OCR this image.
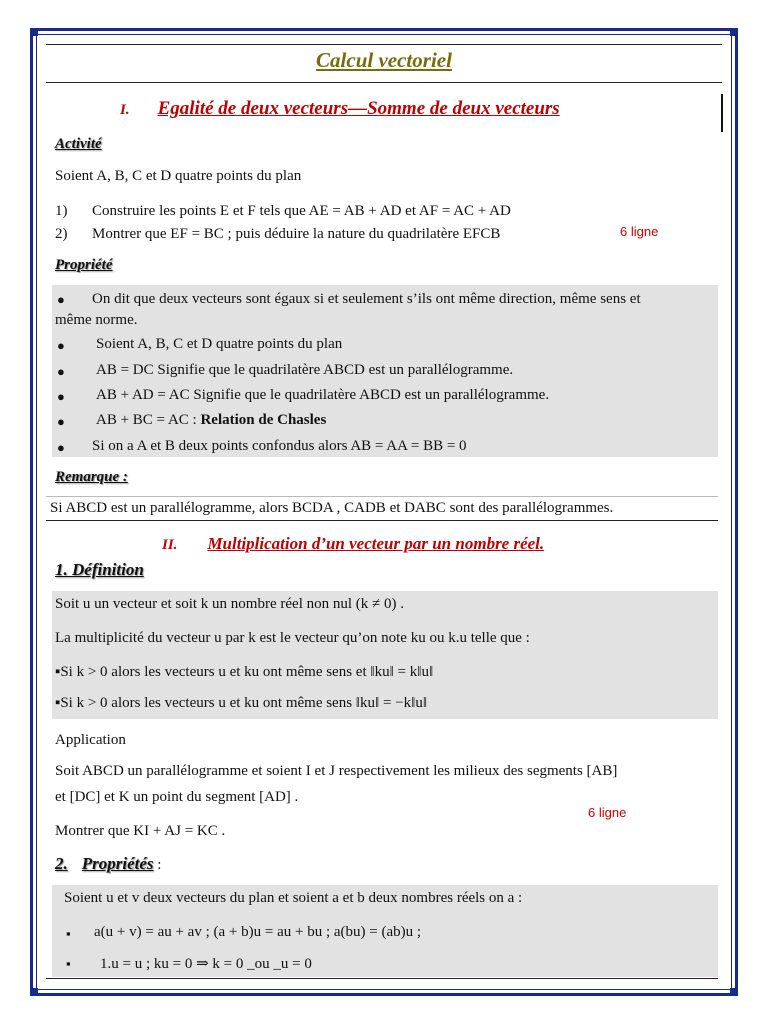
Calcul vectoriel
I. Egalité de deux vecteurs—Somme de deux vecteurs
Activité
Soient A, B, C et D quatre points du plan
1) Construire les points E et F tels que AE = AB + AD et AF = AC + AD
2) Montrer que EF = BC ; puis déduire la nature du quadrilatère EFCB	6 ligne
Propriété
● On dit que deux vecteurs sont égaux si et seulement s’ils ont même direction, même sens et
même norme.
● Soient A, B, C et D quatre points du plan
● AB = DC Signifie que le quadrilatère ABCD est un parallélogramme.
● AB + AD = AC Signifie que le quadrilatère ABCD est un parallélogramme.
● AB + BC = AC : Relation de Chasles
● Si on a A et B deux points confondus alors AB = AA = BB = 0
Remarque :
Si ABCD est un parallélogramme, alors BCDA , CADB et DABC sont des parallélogrammes.
II. Multiplication d’un vecteur par un nombre réel.
1. Définition
Soit u un vecteur et soit k un nombre réel non nul (k ≠ 0) .
La multiplicité du vecteur u par k est le vecteur qu’on note ku ou k.u telle que :
▪Si k > 0 alors les vecteurs u et ku ont même sens et ‖ku‖ = k‖u‖
▪Si k > 0 alors les vecteurs u et ku ont même sens ‖ku‖ = −k‖u‖
Application
Soit ABCD un parallélogramme et soient I et J respectivement les milieux des segments [AB]
et [DC] et K un point du segment [AD] .
6 ligne
Montrer que KI + AJ = KC .
2. Propriétés :
Soient u et v deux vecteurs du plan et soient a et b deux nombres réels on a :
▪ a(u + v) = au + av ; (a + b)u = au + bu ; a(bu) = (ab)u ;
▪ 1.u = u ; ku = 0 ⇒ k = 0 _ou _u = 0
